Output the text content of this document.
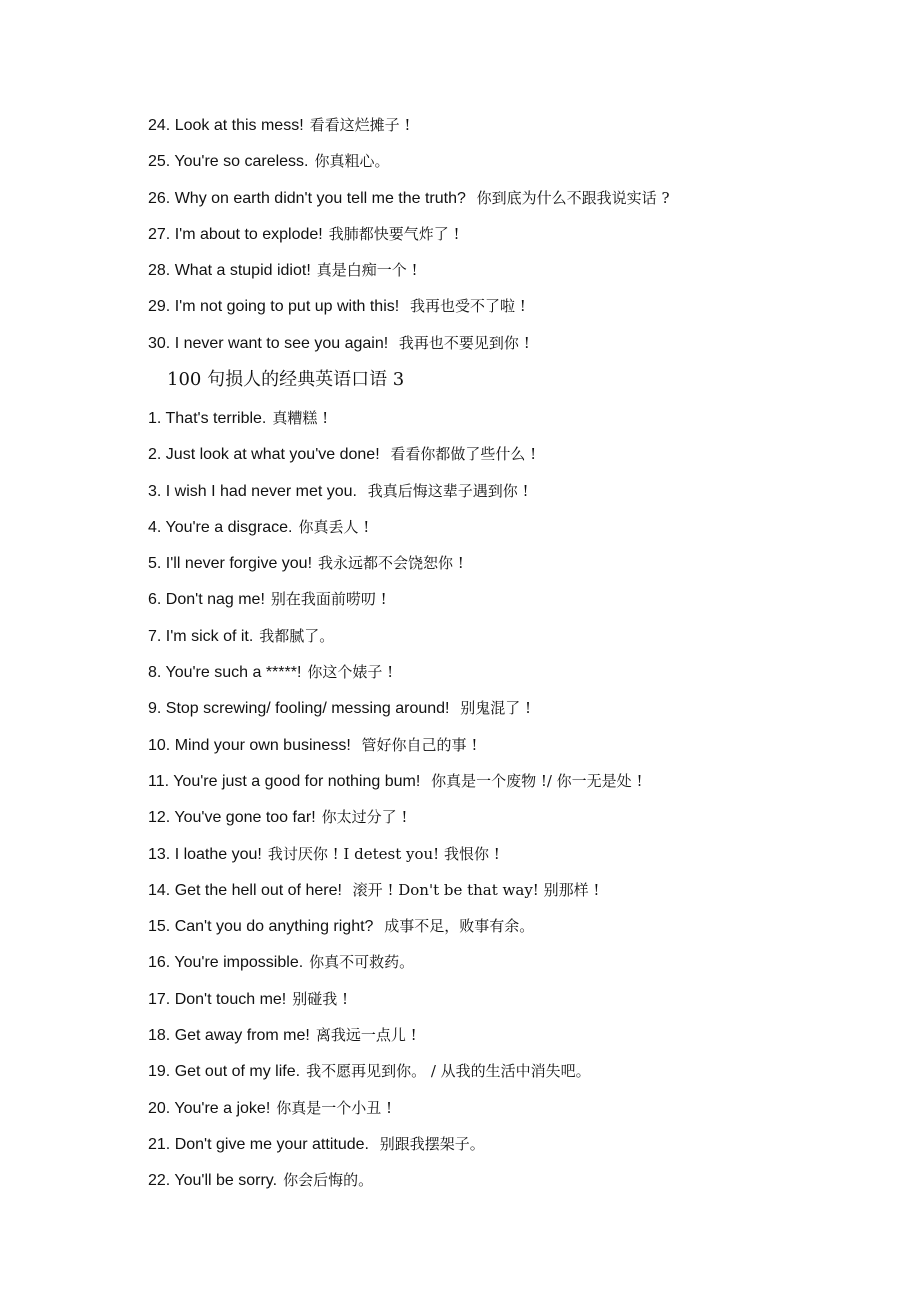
24. Look at this mess! 看看这烂摊子 !
25. You're so careless. 你真粗心。
26. Why on earth didn't you tell me the truth? 你到底为什么不跟我说实话 ?
27. I'm about to explode! 我肺都快要气炸了 !
28. What a stupid idiot! 真是白痴一个 !
29. I'm not going to put up with this! 我再也受不了啦 !
30. I never want to see you again! 我再也不要见到你 !
100 句损人的经典英语口语 3
1. That's terrible. 真糟糕 !
2. Just look at what you've done! 看看你都做了些什么 !
3. I wish I had never met you. 我真后悔这辈子遇到你 !
4. You're a disgrace. 你真丢人 !
5. I'll never forgive you! 我永远都不会饶恕你 !
6. Don't nag me! 别在我面前唠叨 !
7. I'm sick of it. 我都腻了。
8. You're such a *****! 你这个婊子 !
9. Stop screwing/ fooling/ messing around! 别鬼混了 !
10. Mind your own business! 管好你自己的事 !
11. You're just a good for nothing bum! 你真是一个废物 !/ 你一无是处 !
12. You've gone too far! 你太过分了 !
13. I loathe you! 我讨厌你 ! I detest you! 我恨你 !
14. Get the hell out of here! 滚开 ! Don't be that way! 别那样 !
15. Can't you do anything right? 成事不足，败事有余。
16. You're impossible. 你真不可救药。
17. Don't touch me! 别碰我 !
18. Get away from me! 离我远一点儿 !
19. Get out of my life. 我不愿再见到你。 / 从我的生活中消失吧。
20. You're a joke! 你真是一个小丑 !
21. Don't give me your attitude. 别跟我摆架子。
22. You'll be sorry. 你会后悔的。
